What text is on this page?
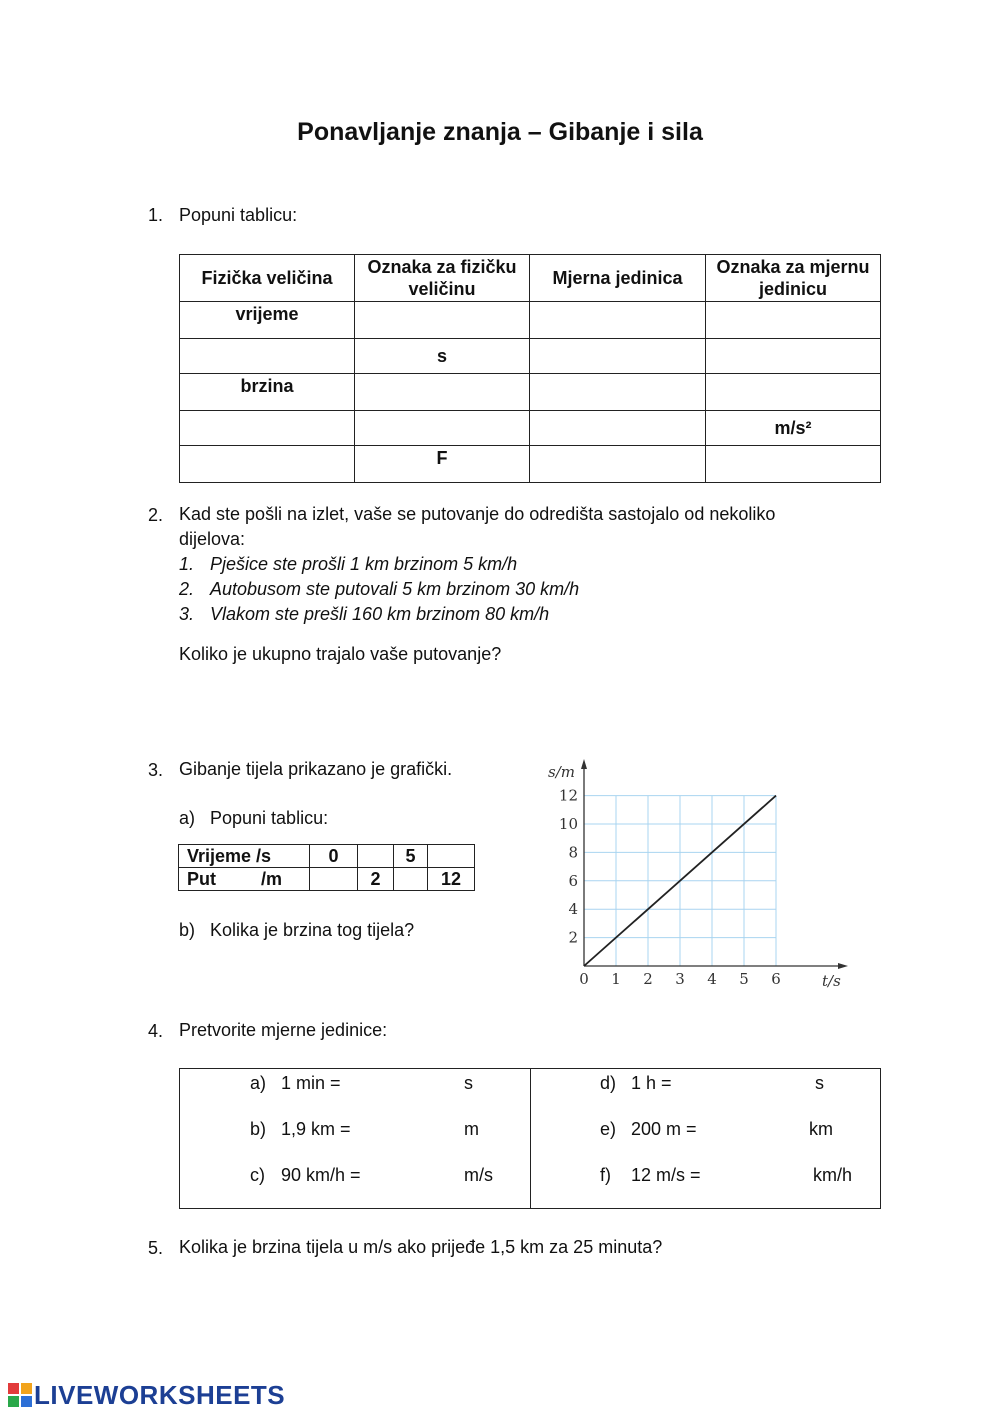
Ponavljanje znanja – Gibanje i sila
1. Popuni tablicu:
Fizička veličina	Oznaka za fizičku veličinu	Mjerna jedinica	Oznaka za mjernu jedinicu
vrijeme			
	s		
brzina			
			m/s²
	F		
2. Kad ste pošli na izlet, vaše se putovanje do odredišta sastojalo od nekoliko
dijelova:
1. Pješice ste prošli 1 km brzinom 5 km/h
2. Autobusom ste putovali 5 km brzinom 30 km/h
3. Vlakom ste prešli 160 km brzinom 80 km/h
Koliko je ukupno trajalo vaše putovanje?
3. Gibanje tijela prikazano je grafički.
a) Popuni tablicu:
Vrijeme /s	0		5	
Put         /m		2		12
b) Kolika je brzina tog tijela?
0 1 2 3 4 5 6
2
4
6
8
10
12
s/m
t/s
4. Pretvorite mjerne jedinice:
a) 1 min =	s
b) 1,9 km =	m
c) 90 km/h =	m/s
d) 1 h =	s
e) 200 m =	km
f) 12 m/s =	km/h
5. Kolika je brzina tijela u m/s ako prijeđe 1,5 km za 25 minuta?
LIVEWORKSHEETS
